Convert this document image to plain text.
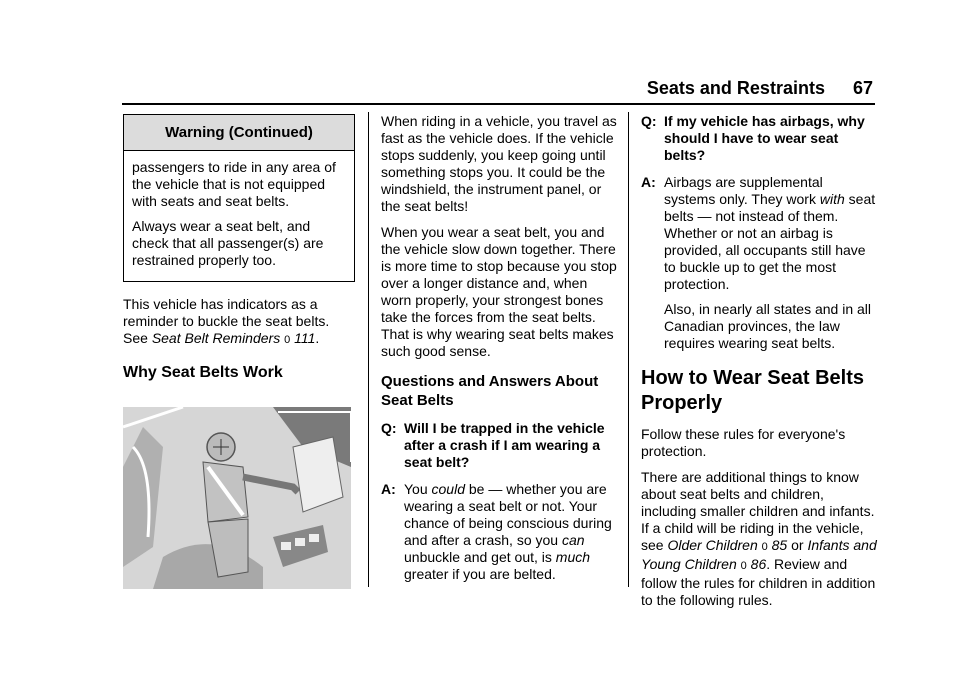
Seats and Restraints 67
Warning (Continued)

passengers to ride in any area of the vehicle that is not equipped with seats and seat belts.

Always wear a seat belt, and check that all passenger(s) are restrained properly too.

This vehicle has indicators as a reminder to buckle the seat belts. See Seat Belt Reminders 0 111.

Why Seat Belts Work

When riding in a vehicle, you travel as fast as the vehicle does. If the vehicle stops suddenly, you keep going until something stops you. It could be the windshield, the instrument panel, or the seat belts!

When you wear a seat belt, you and the vehicle slow down together. There is more time to stop because you stop over a longer distance and, when worn properly, your strongest bones take the forces from the seat belts. That is why wearing seat belts makes such good sense.

Questions and Answers About Seat Belts
Q: Will I be trapped in the vehicle after a crash if I am wearing a seat belt?
A: You could be — whether you are wearing a seat belt or not. Your chance of being conscious during and after a crash, so you can unbuckle and get out, is much greater if you are belted.
Q: If my vehicle has airbags, why should I have to wear seat belts?
A: Airbags are supplemental systems only. They work with seat belts — not instead of them. Whether or not an airbag is provided, all occupants still have to buckle up to get the most protection.
Also, in nearly all states and in all Canadian provinces, the law requires wearing seat belts.
How to Wear Seat Belts Properly

Follow these rules for everyone's protection.

There are additional things to know about seat belts and children, including smaller children and infants. If a child will be riding in the vehicle, see Older Children 0 85 or Infants and Young Children 0 86. Review and follow the rules for children in addition to the following rules.
